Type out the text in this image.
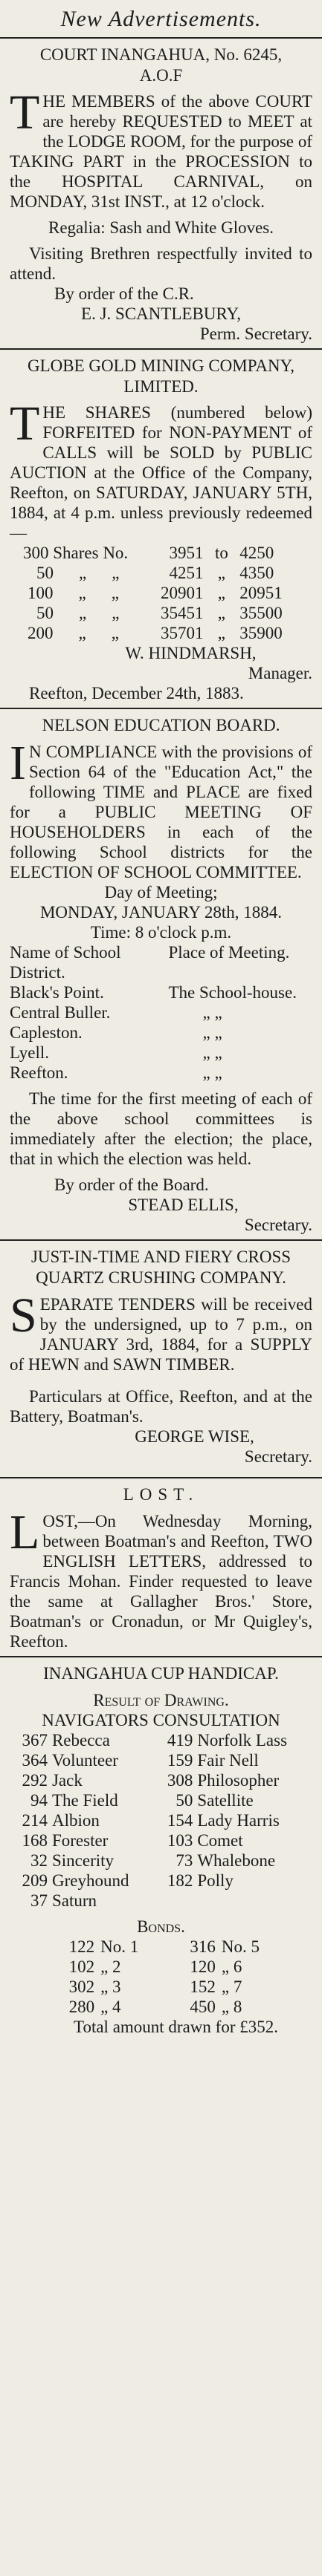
New Advertisements.
COURT INANGAHUA, No. 6245,
A.O.F
THE MEMBERS of the above COURT are hereby REQUESTED to MEET at the LODGE ROOM, for the purpose of TAKING PART in the PROCESSION to the HOSPITAL CARNIVAL, on MONDAY, 31st INST., at 12 o'clock.
Regalia: Sash and White Gloves.
Visiting Brethren respectfully invited to attend.
By order of the C.R.
E. J. SCANTLEBURY,
Perm. Secretary.
GLOBE GOLD MINING COMPANY,
LIMITED.
THE SHARES (numbered below) FORFEITED for NON-PAYMENT of CALLS will be SOLD by PUBLIC AUCTION at the Office of the Company, Reefton, on SATURDAY, JANUARY 5TH, 1884, at 4 p.m. unless previously redeemed—
300 Shares No.	3951	to	4250
50 „ „	4251	„	4350
100 „ „	20901	„	20951
50 „ „	35451	„	35500
200 „ „	35701	„	35900
W. HINDMARSH,
Manager.
Reefton, December 24th, 1883.
NELSON EDUCATION BOARD.
I N COMPLIANCE with the provisions of Section 64 of the "Education Act," the following TIME and PLACE are fixed for a PUBLIC MEETING OF HOUSEHOLDERS in each of the following School districts for the ELECTION OF SCHOOL COMMITTEE.
Day of Meeting;
MONDAY, JANUARY 28th, 1884.
Time: 8 o'clock p.m.
Name of School District.	Place of Meeting.
Black's Point.	The School-house.
Central Buller.	„ „
Capleston.	„ „
Lyell.	„ „
Reefton.	„ „
The time for the first meeting of each of the above school committees is immediately after the election; the place, that in which the election was held.
By order of the Board.
STEAD ELLIS,
Secretary.
JUST-IN-TIME AND FIERY CROSS
QUARTZ CRUSHING COMPANY.
SEPARATE TENDERS will be received by the undersigned, up to 7 p.m., on JANUARY 3rd, 1884, for a SUPPLY of HEWN and SAWN TIMBER.
Particulars at Office, Reefton, and at the Battery, Boatman's.
GEORGE WISE,
Secretary.
LOST.
LOST,—On Wednesday Morning, between Boatman's and Reefton, TWO ENGLISH LETTERS, addressed to Francis Mohan. Finder requested to leave the same at Gallagher Bros.' Store, Boatman's or Cronadun, or Mr Quigley's, Reefton.
INANGAHUA CUP HANDICAP.
Result of Drawing.
NAVIGATORS CONSULTATION
367	Rebecca	419	Norfolk Lass
364	Volunteer	159	Fair Nell
292	Jack	308	Philosopher
94	The Field	50	Satellite
214	Albion	154	Lady Harris
168	Forester	103	Comet
32	Sincerity	73	Whalebone
209	Greyhound	182	Polly
37	Saturn		
Bonds.
122	No. 1	316	No. 5
102	„ 2	120	„ 6
302	„ 3	152	„ 7
280	„ 4	450	„ 8
Total amount drawn for £352.
